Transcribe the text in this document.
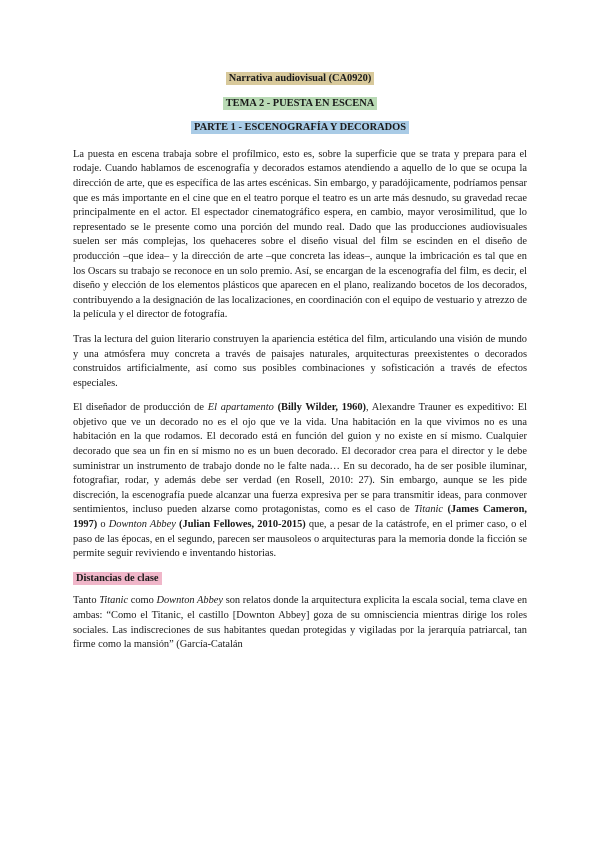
Narrativa audiovisual (CA0920)

TEMA 2 - PUESTA EN ESCENA

PARTE 1 - ESCENOGRAFÍA Y DECORADOS

La puesta en escena trabaja sobre el profílmico, esto es, sobre la superficie que se trata y prepara para el rodaje. Cuando hablamos de escenografía y decorados estamos atendiendo a aquello de lo que se ocupa la dirección de arte, que es específica de las artes escénicas. Sin embargo, y paradójicamente, podríamos pensar que es más importante en el cine que en el teatro porque el teatro es un arte más desnudo, su gravedad recae principalmente en el actor. El espectador cinematográfico espera, en cambio, mayor verosimilitud, que lo representado se le presente como una porción del mundo real. Dado que las producciones audiovisuales suelen ser más complejas, los quehaceres sobre el diseño visual del film se escinden en el diseño de producción –que idea– y la dirección de arte –que concreta las ideas–, aunque la imbricación es tal que en los Oscars su trabajo se reconoce en un solo premio. Así, se encargan de la escenografía del film, es decir, el diseño y elección de los elementos plásticos que aparecen en el plano, realizando bocetos de los decorados, contribuyendo a la designación de las localizaciones, en coordinación con el equipo de vestuario y atrezzo de la película y el director de fotografía.

Tras la lectura del guion literario construyen la apariencia estética del film, articulando una visión de mundo y una atmósfera muy concreta a través de paisajes naturales, arquitecturas preexistentes o decorados construidos artificialmente, así como sus posibles combinaciones y sofisticación a través de efectos especiales.

El diseñador de producción de El apartamento (Billy Wilder, 1960), Alexandre Trauner es expeditivo: El objetivo que ve un decorado no es el ojo que ve la vida. Una habitación en la que vivimos no es una habitación en la que rodamos. El decorado está en función del guion y no existe en sí mismo. Cualquier decorado que sea un fin en sí mismo no es un buen decorado. El decorador crea para el director y le debe suministrar un instrumento de trabajo donde no le falte nada… En su decorado, ha de ser posible iluminar, fotografiar, rodar, y además debe ser verdad (en Rosell, 2010: 27). Sin embargo, aunque se les pide discreción, la escenografía puede alcanzar una fuerza expresiva per se para transmitir ideas, para conmover sentimientos, incluso pueden alzarse como protagonistas, como es el caso de Titanic (James Cameron, 1997) o Downton Abbey (Julian Fellowes, 2010-2015) que, a pesar de la catástrofe, en el primer caso, o el paso de las épocas, en el segundo, parecen ser mausoleos o arquitecturas para la memoria donde la ficción se permite seguir reviviendo e inventando historias.

Distancias de clase

Tanto Titanic como Downton Abbey son relatos donde la arquitectura explicita la escala social, tema clave en ambas: “Como el Titanic, el castillo [Downton Abbey] goza de su omnisciencia mientras dirige los roles sociales. Las indiscreciones de sus habitantes quedan protegidas y vigiladas por la jerarquía patriarcal, tan firme como la mansión” (García-Catalán
